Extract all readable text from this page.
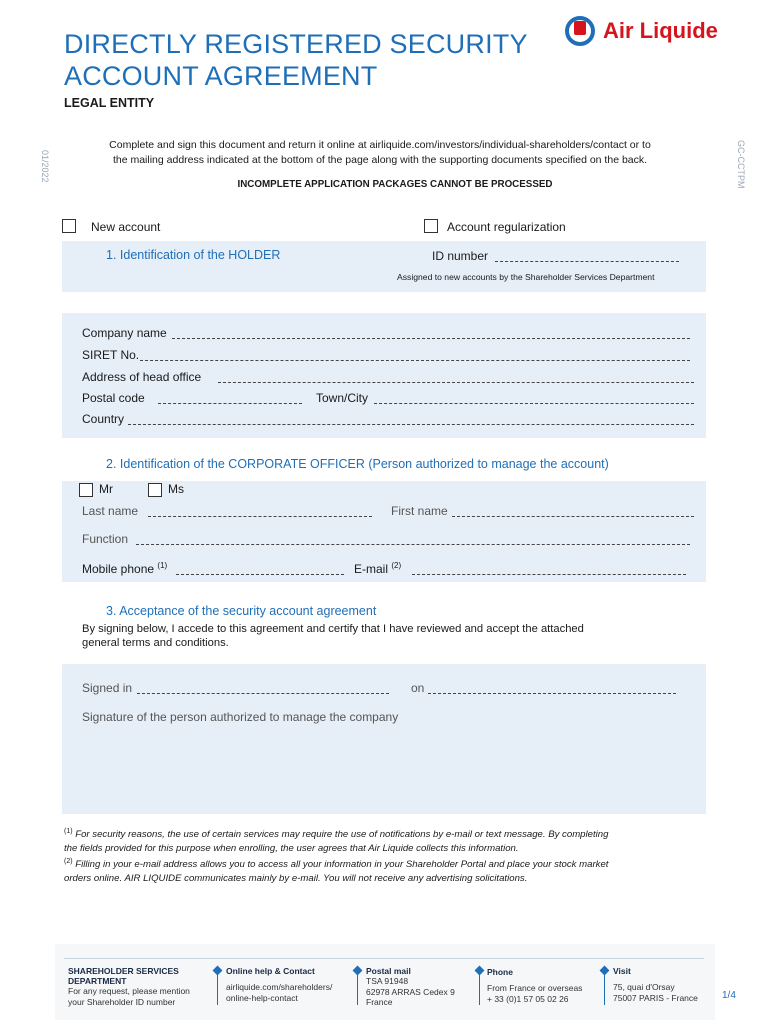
DIRECTLY REGISTERED SECURITY
ACCOUNT AGREEMENT
LEGAL ENTITY
Air Liquide
01/2022	GC-CCTPM
Complete and sign this document and return it online at airliquide.com/investors/individual-shareholders/contact or to
the mailing address indicated at the bottom of the page along with the supporting documents specified on the back.
INCOMPLETE APPLICATION PACKAGES CANNOT BE PROCESSED
New account	Account regularization
1. Identification of the HOLDER	ID number
Assigned to new accounts by the Shareholder Services Department
Company name
SIRET No.
Address of head office
Postal code	Town/City
Country
2. Identification of the CORPORATE OFFICER (Person authorized to manage the account)
Mr	Ms
Last name	First name
Function
Mobile phone $^{(1)}$	E-mail $^{(2)}$
3. Acceptance of the security account agreement
By signing below, I accede to this agreement and certify that I have reviewed and accept the attached
general terms and conditions.
Signed in	on
Signature of the person authorized to manage the company
$^{(1)}$ For security reasons, the use of certain services may require the use of notifications by e-mail or text message. By completing
the fields provided for this purpose when enrolling, the user agrees that Air Liquide collects this information.
$^{(2)}$ Filling in your e-mail address allows you to access all your information in your Shareholder Portal and place your stock market
orders online. AIR LIQUIDE communicates mainly by e-mail. You will not receive any advertising solicitations.
SHAREHOLDER SERVICES
DEPARTMENT
For any request, please mention
your Shareholder ID number
Online help & Contact
airliquide.com/shareholders/
online-help-contact
Postal mail
TSA 91948
62978 ARRAS Cedex 9
France
Phone
From France or overseas
+ 33 (0)1 57 05 02 26
Visit
75, quai d'Orsay
75007 PARIS - France 1/4
